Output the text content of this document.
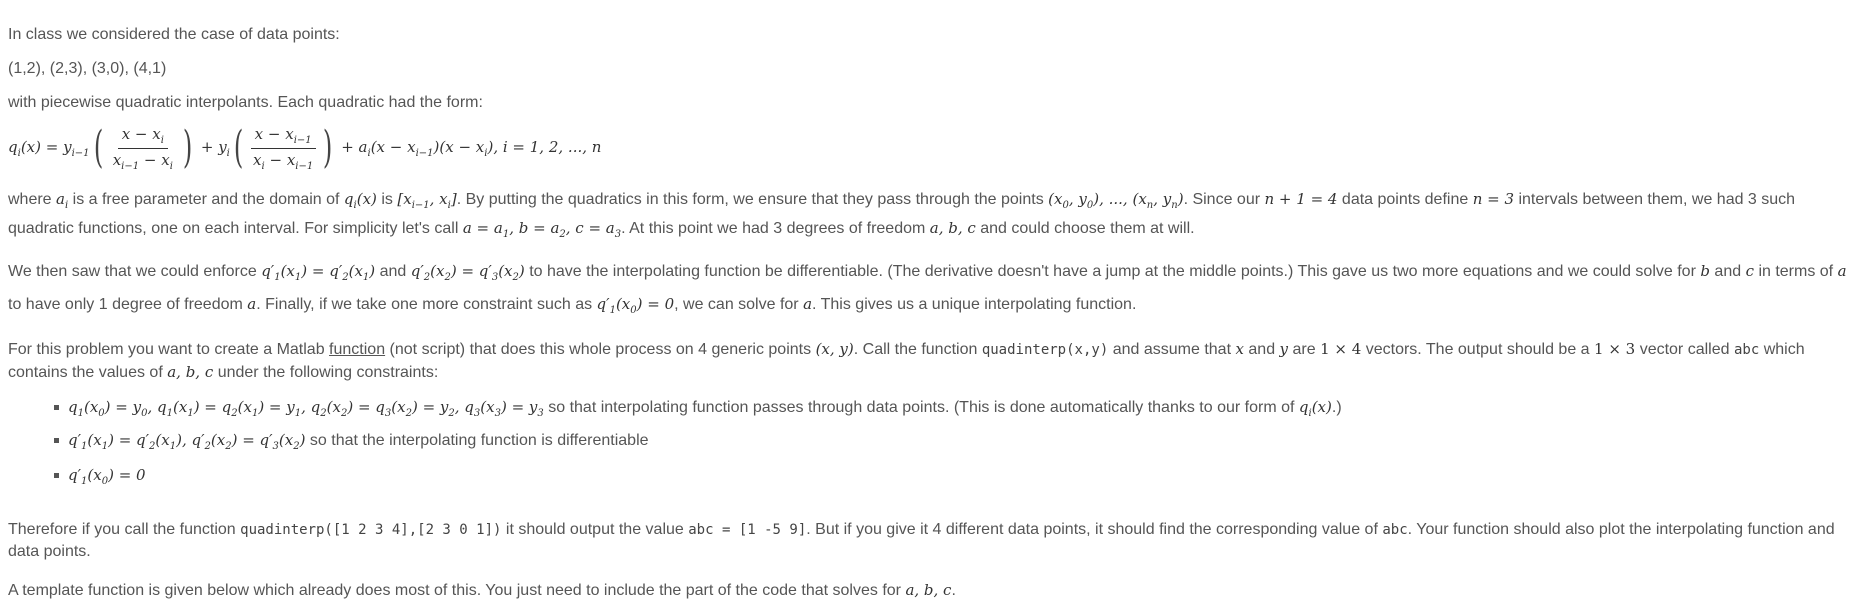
In class we considered the case of data points:

(1,2), (2,3), (3,0), (4,1)

with piecewise quadratic interpolants. Each quadratic had the form:

$q_i(x) = y_{i-1}$ ( $\frac{x - x_i}{x_{i-1} - x_i}$ ) + $y_i$ ( $\frac{x - x_{i-1}}{x_i - x_{i-1}}$ ) + $a_i(x - x_{i-1})(x - x_i)$, i = 1, 2, ..., n

where $a_i$ is a free parameter and the domain of $q_i(x)$ is [$x_{i-1}$, $x_i$]. By putting the quadratics in this form, we ensure that they pass through the points ($x_0$, $y_0$), ..., ($x_n$, $y_n$). Since our n + 1 = 4 data points define n = 3 intervals between them, we had 3 such quadratic functions, one on each interval. For simplicity let's call $a = a_1$, $b = a_2$, $c = a_3$. At this point we had 3 degrees of freedom a, b, c and could choose them at will.

We then saw that we could enforce $q'_1(x_1) = q'_2(x_1)$ and $q'_2(x_2) = q'_3(x_2)$ to have the interpolating function be differentiable. (The derivative doesn't have a jump at the middle points.) This gave us two more equations and we could solve for b and c in terms of a to have only 1 degree of freedom a. Finally, if we take one more constraint such as $q'_1(x_0) = 0$, we can solve for a. This gives us a unique interpolating function.

For this problem you want to create a Matlab function (not script) that does this whole process on 4 generic points (x, y). Call the function quadinterp(x,y) and assume that x and y are 1 × 4 vectors. The output should be a 1 × 3 vector called abc which contains the values of a, b, c under the following constraints:

$q_1(x_0) = y_0$, $q_1(x_1) = q_2(x_1) = y_1$, $q_2(x_2) = q_3(x_2) = y_2$, $q_3(x_3) = y_3$ so that interpolating function passes through data points. (This is done automatically thanks to our form of $q_i(x)$.)
$q'_1(x_1) = q'_2(x_1)$, $q'_2(x_2) = q'_3(x_2)$ so that the interpolating function is differentiable
$q'_1(x_0) = 0$

Therefore if you call the function quadinterp([1 2 3 4],[2 3 0 1]) it should output the value abc = [1 -5 9]. But if you give it 4 different data points, it should find the corresponding value of abc. Your function should also plot the interpolating function and data points.

A template function is given below which already does most of this. You just need to include the part of the code that solves for a, b, c.
